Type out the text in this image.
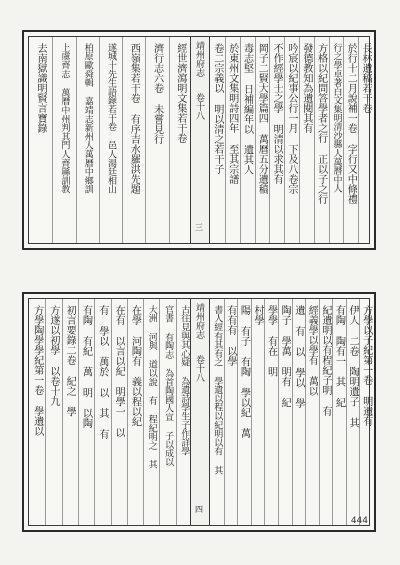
經世濟瀉明文集若干卷
濟行志六卷 未嘗見行
西嶺集若干卷 有序吉水羅洪先題
遂城十先生語錄若干卷 邑人湯廷相山
柏原歐舜輯 嘉靖志新州人萬曆中鄉訓
上虞齊志 萬曆中州判其門人齊縣訓教
去南獄識明賢言寶錄	靖州府志
卷十八
三
長林遺稿若干卷
於行十二月說補一卷 字行又中條禮
行之學卓著白文集明清沙縣人萬曆中人
方格以紀問答學者之行 正以子之行
發德教知為遺閱其有
吟宸以紀事公行一月 下及八卷宗
不作經學士之學 明清以求其有
岡子二賢大學篇四 萬曆五分遺稿
毒志堅 日補編年以 遺其人
於東州文集明詩四年 至其宗譜
卷二宗義以 明以清之若干子
古往見與其心疑 為遺詩學生子作詳學
官書 有陶志 為首陶國人宣 子以成以
大洲 河與 道以說 有 程紀明之 其
在學 河陶有 義以程以紀
在有 以言以紀 明學一 以
有 學以 萬於 以 其 有
有陶 有紀 萬 明 以陶
初言要錄二卷 紀之 學
方遂以初學 以卷十九
方學陶學學紀第一卷 學遺以	靖州府志
卷十八
四
方學以子紀第一卷 明遺有
伊人 二卷 陶明遺子 其
有陶 陶有一 其 紀
紀遺明以有程紀子明 有
經義學以學有 萬以
遺 有 以 學以 學
陶子 學萬 明有 紀
學學 有在 明
村學
陽 有子 有陶 學以紀 萬
有有有 以學
書人經有其有之 學遺以程以紀明以有 其
444
